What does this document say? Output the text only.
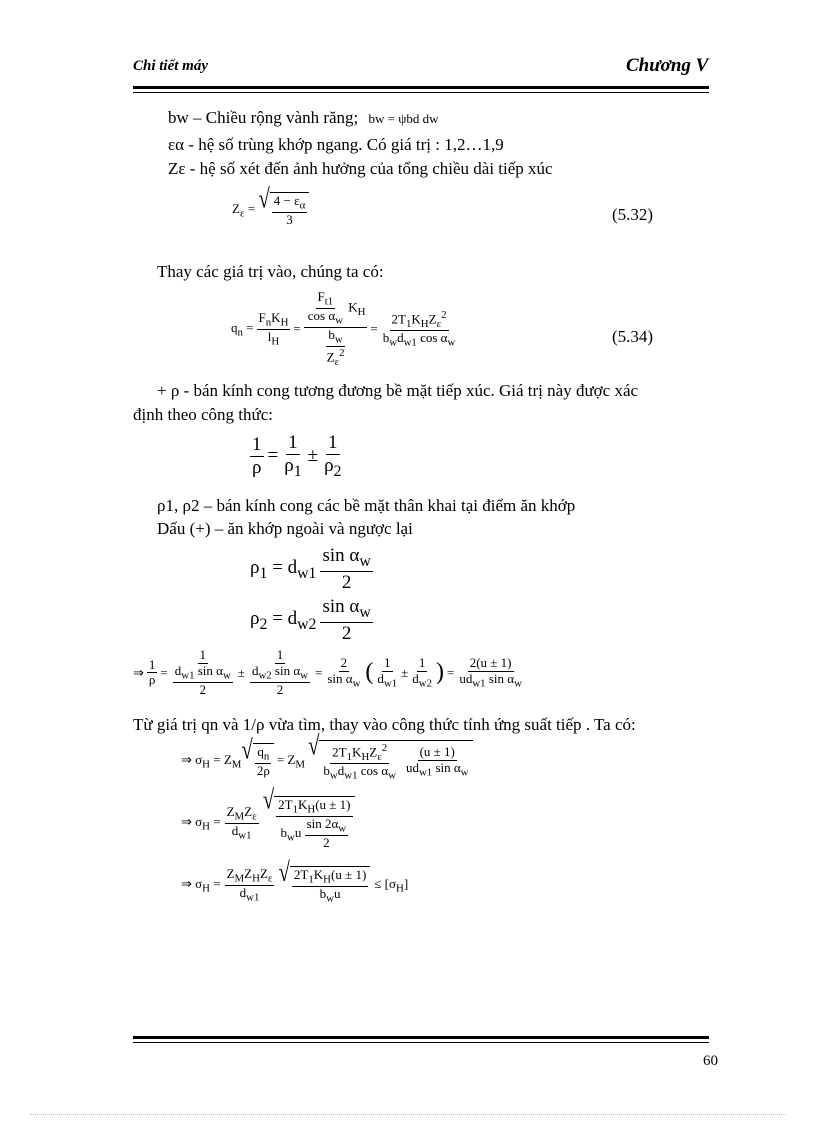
Chi tiết máy	Chương V
bw – Chiều rộng vành răng; bw = ψbd dw
εα - hệ số trùng khớp ngang. Có giá trị : 1,2…1,9
Zε - hệ số xét đến ảnh hưởng của tổng chiều dài tiếp xúc
$Z_\varepsilon$ = √ $\frac{4 - \varepsilon_\alpha}{3}$	(5.32)
Thay các giá trị vào, chúng ta có:
$q_n = \frac{F_nK_H}{l_H} = \frac{\frac{F_{t1}}{\cos \alpha_w} K_H}{\frac{b_w}{Z_\varepsilon^2}} = \frac{2T_1K_HZ_\varepsilon^2}{b_wd_{w1} \cos \alpha_w}$	(5.34)
+ ρ - bán kính cong tương đương bề mặt tiếp xúc. Giá trị này được xác
định theo công thức:
$\frac{1}{\rho} = \frac{1}{\rho_1} \pm \frac{1}{\rho_2}$
ρ1, ρ2 – bán kính cong các bề mặt thân khai tại điểm ăn khớp
Dấu (+) – ăn khớp ngoài và ngược lại
$\rho_1 = d_{w1} \frac{\sin \alpha_w}{2}$
$\rho_2 = d_{w2} \frac{\sin \alpha_w}{2}$
⇒ $\frac{1}{\rho} = \frac{1}{\frac{d_{w1} \sin \alpha_w}{2}} \pm \frac{1}{\frac{d_{w2} \sin \alpha_w}{2}} = \frac{2}{\sin \alpha_w}$ ( $\frac{1}{d_{w1}} \pm \frac{1}{d_{w2}}$ ) = $\frac{2(u \pm 1)}{ud_{w1} \sin \alpha_w}$
Từ giá trị qn và 1/ρ vừa tìm, thay vào công thức tính ứng suất tiếp . Ta có:
⇒ $\sigma_H = Z_M$ √ $\frac{q_n}{2\rho} = Z_M$
√ $\frac{2T_1K_HZ_\varepsilon^2}{b_wd_{w1} \cos \alpha_w} \frac{(u \pm 1)}{ud_{w1} \sin \alpha_w}$
⇒ $\sigma_H = \frac{Z_MZ_\varepsilon}{d_{w1}}$
√ $\frac{2T_1K_H(u \pm 1)}{b_wu \frac{\sin 2\alpha_w}{2}}$
⇒ $\sigma_H = \frac{Z_MZ_HZ_\varepsilon}{d_{w1}}$ √ $\frac{2T_1K_H(u \pm 1)}{b_wu} \le [\sigma_H]$
60
